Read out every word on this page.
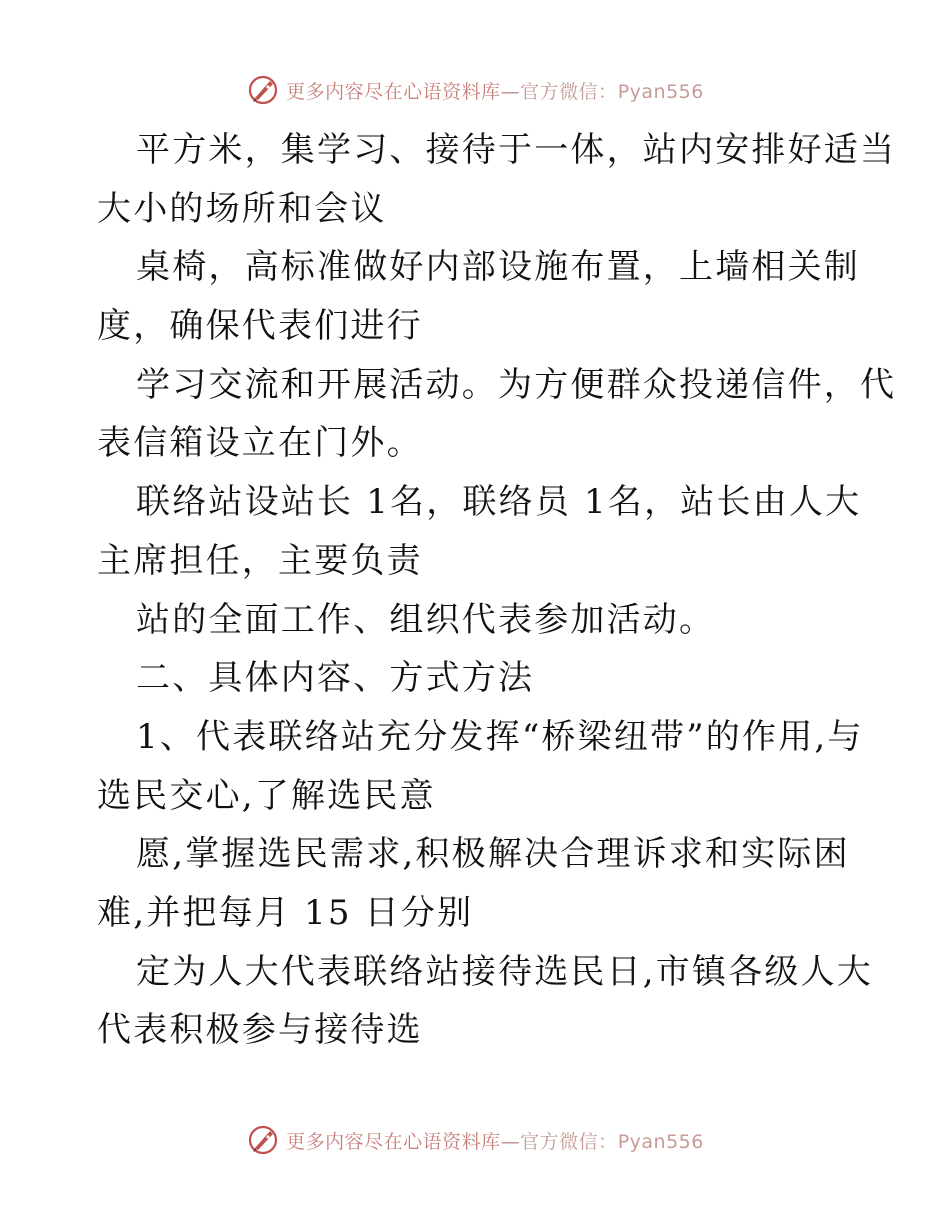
更多内容尽在心语资料库—官方微信：Pyan556
平方米，集学习、接待于一体，站内安排好适当
大小的场所和会议
桌椅，高标准做好内部设施布置，上墙相关制
度，确保代表们进行
学习交流和开展活动。为方便群众投递信件，代
表信箱设立在门外。
联络站设站长 1名，联络员 1名，站长由人大
主席担任，主要负责
站的全面工作、组织代表参加活动。
二、具体内容、方式方法
1、代表联络站充分发挥“桥梁纽带”的作用,与
选民交心,了解选民意
愿,掌握选民需求,积极解决合理诉求和实际困
难,并把每月 15 日分别
定为人大代表联络站接待选民日,市镇各级人大
代表积极参与接待选
更多内容尽在心语资料库—官方微信：Pyan556
